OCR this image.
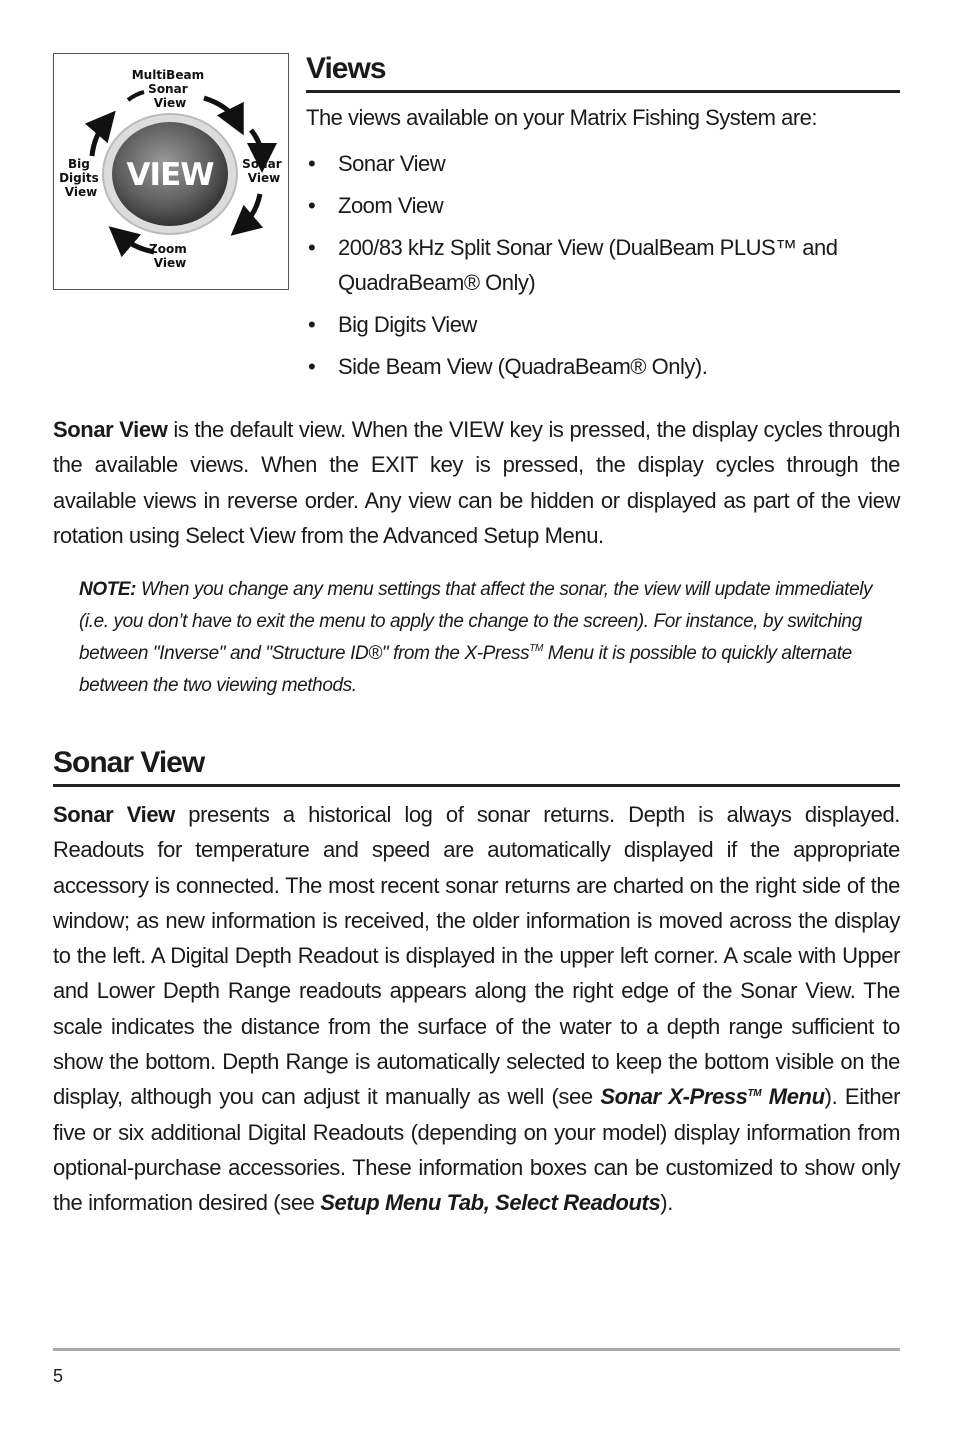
VIEW
MultiBeam Sonar View
Sonar View
Zoom View
Big Digits View
Views

The views available on your Matrix Fishing System are:

• Sonar View
• Zoom View
• 200/83 kHz Split Sonar View (DualBeam PLUS™ and QuadraBeam® Only)
• Big Digits View
• Side Beam View (QuadraBeam® Only).

Sonar View is the default view. When the VIEW key is pressed, the display cycles through the available views. When the EXIT key is pressed, the display cycles through the available views in reverse order. Any view can be hidden or displayed as part of the view rotation using Select View from the Advanced Setup Menu.

NOTE: When you change any menu settings that affect the sonar, the view will update immediately (i.e. you don’t have to exit the menu to apply the change to the screen). For instance, by switching between "Inverse" and "Structure ID®" from the X-Press™ Menu it is possible to quickly alternate between the two viewing methods.

Sonar View

Sonar View presents a historical log of sonar returns. Depth is always displayed. Readouts for temperature and speed are automatically displayed if the appropriate accessory is connected. The most recent sonar returns are charted on the right side of the window; as new information is received, the older information is moved across the display to the left. A Digital Depth Readout is displayed in the upper left corner. A scale with Upper and Lower Depth Range readouts appears along the right edge of the Sonar View. The scale indicates the distance from the surface of the water to a depth range sufficient to show the bottom. Depth Range is automatically selected to keep the bottom visible on the display, although you can adjust it manually as well (see Sonar X-Press™ Menu). Either five or six additional Digital Readouts (depending on your model) display information from optional-purchase accessories. These information boxes can be customized to show only the information desired (see Setup Menu Tab, Select Readouts).

5
